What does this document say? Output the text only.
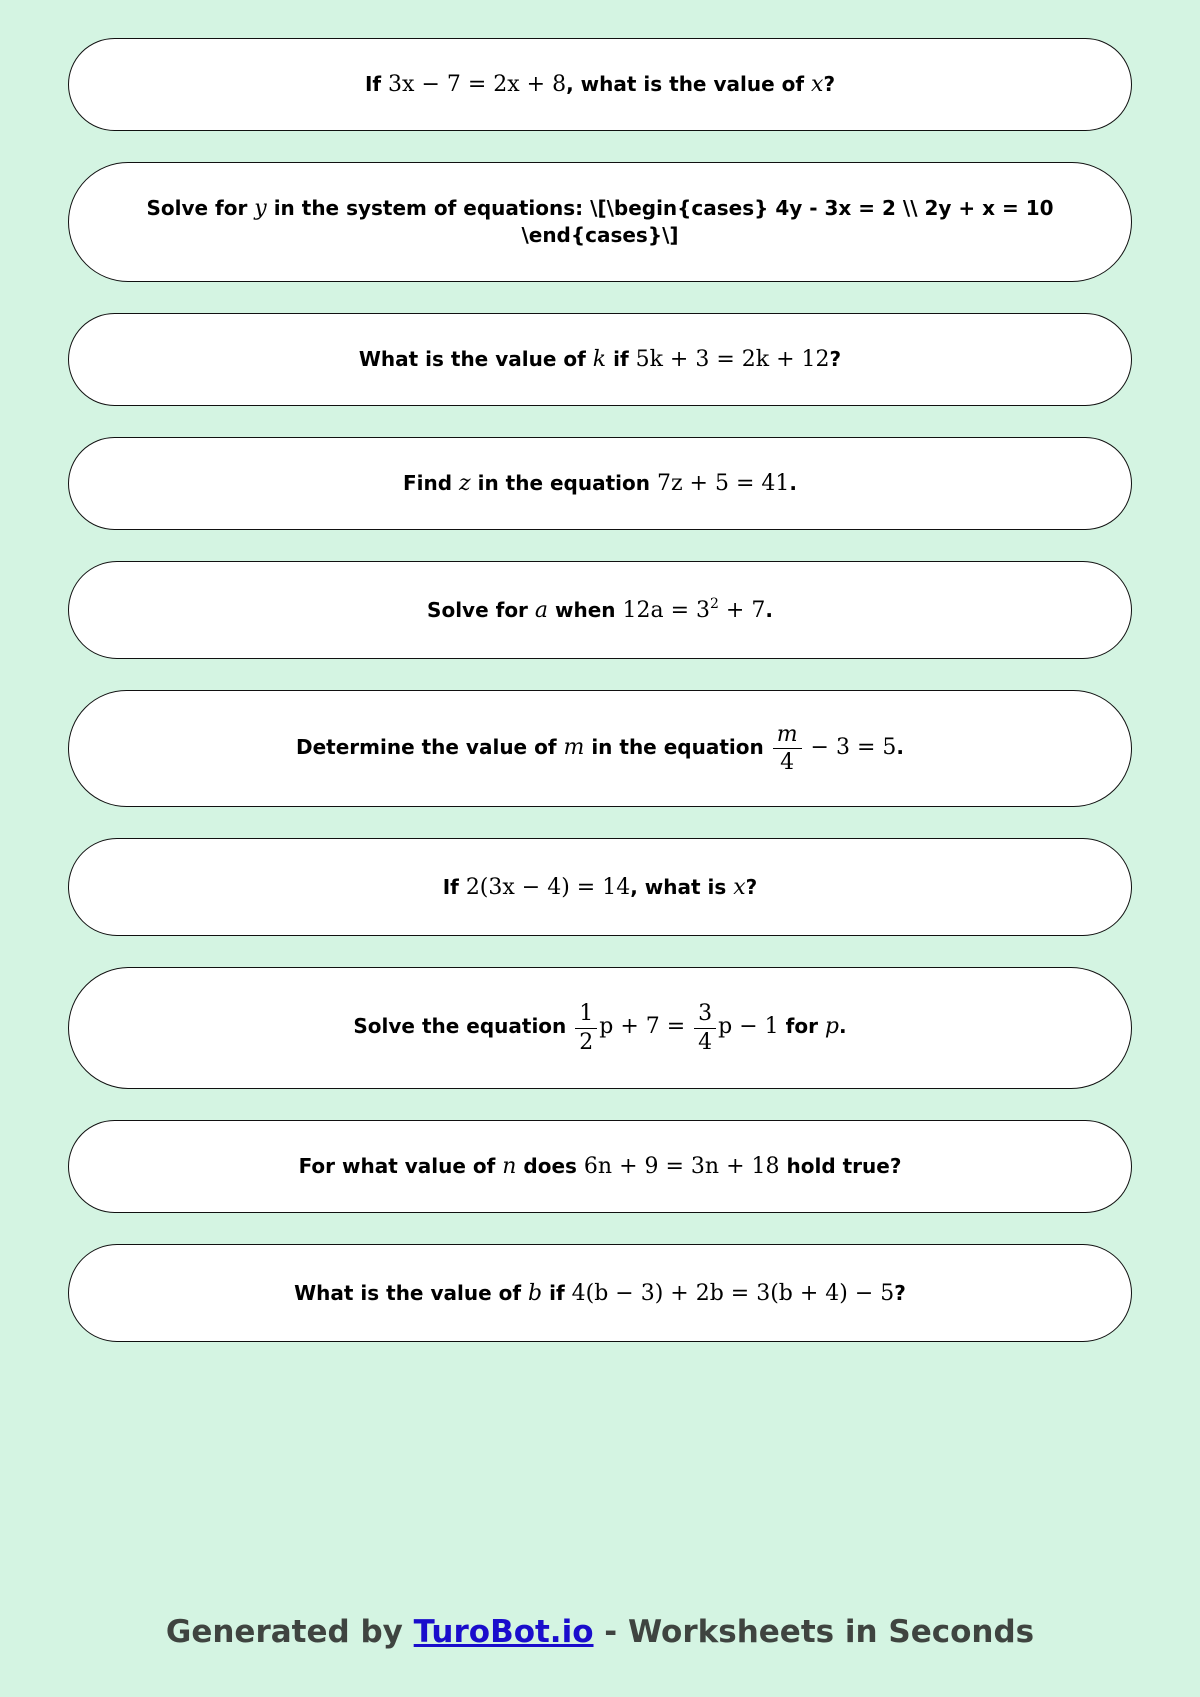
If 3x − 7 = 2x + 8, what is the value of x?
Solve for y in the system of equations: \[\begin{cases} 4y - 3x = 2 \\ 2y + x = 10 \end{cases}\]
What is the value of k if 5k + 3 = 2k + 12?
Find z in the equation 7z + 5 = 41.
Solve for a when $12a = 3^2 + 7$.
Determine the value of m in the equation $\frac{m}{4} - 3 = 5$.
If 2(3x − 4) = 14, what is x?
Solve the equation $\frac{1}{2}$ $p + 7 = \frac{3}{4}$ p − 1 for p.
For what value of n does 6n + 9 = 3n + 18 hold true?
What is the value of b if 4(b − 3) + 2b = 3(b + 4) − 5?
Generated by TuroBot.io - Worksheets in Seconds
